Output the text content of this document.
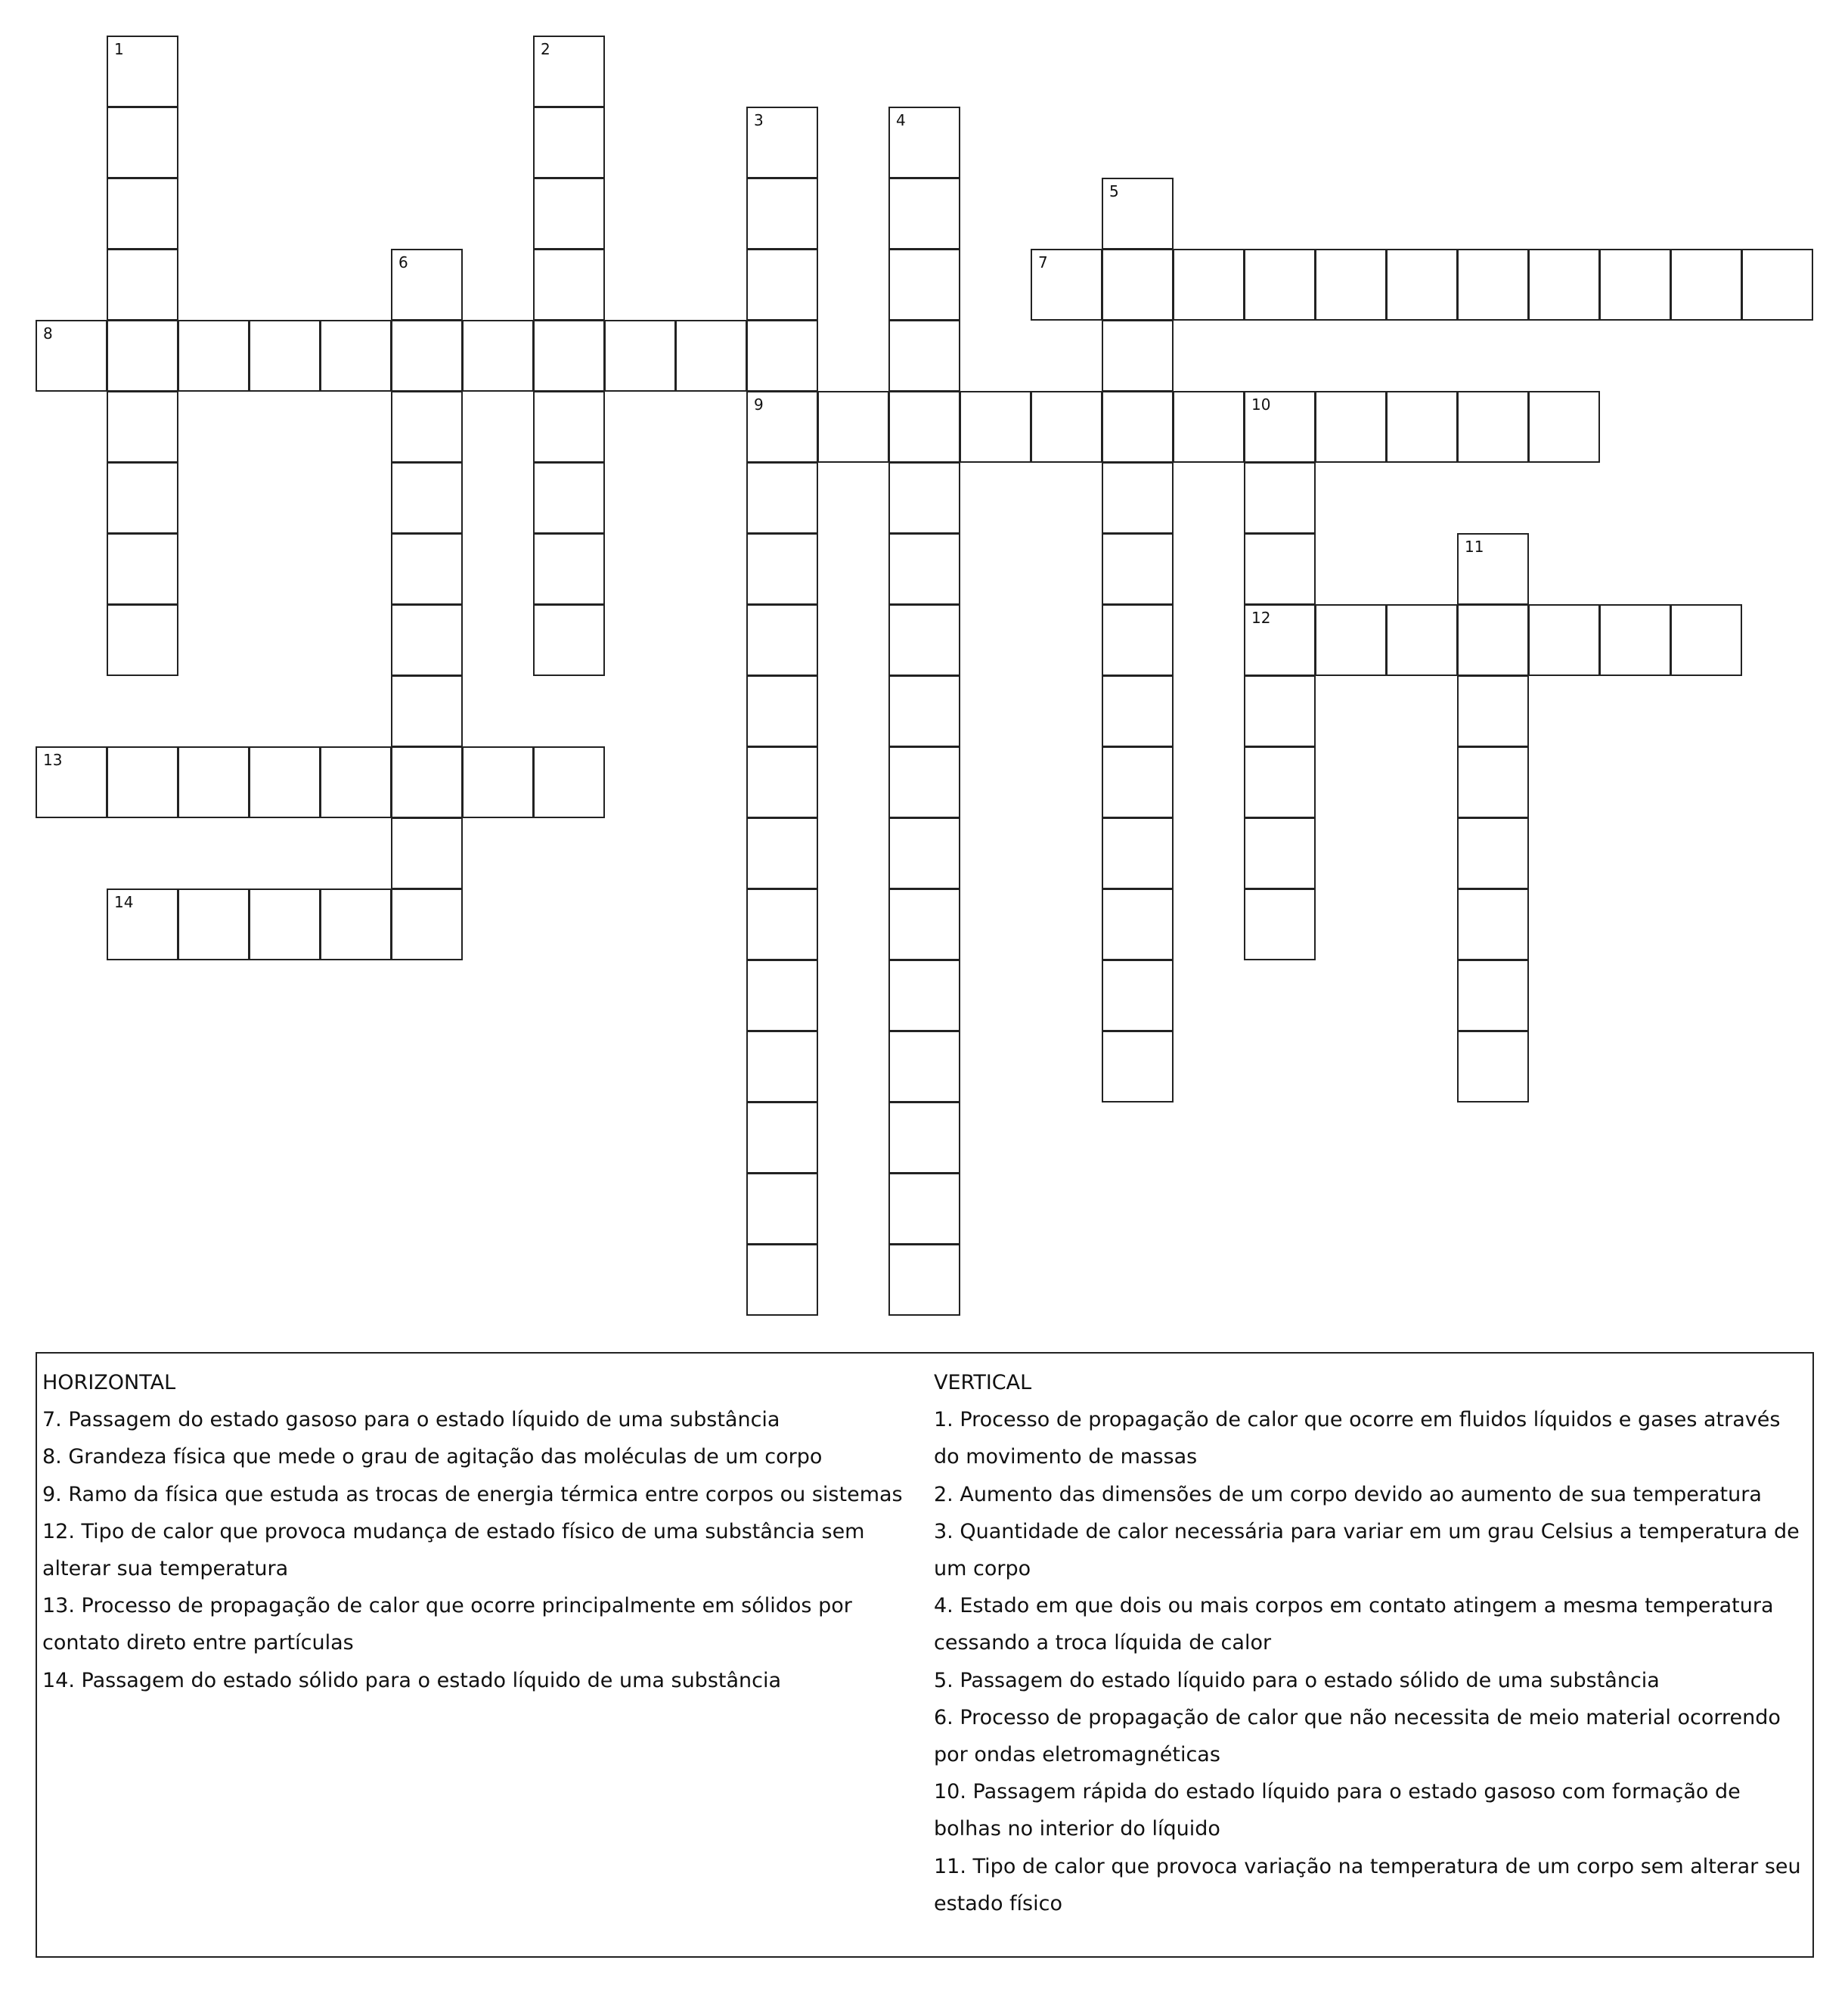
1	2
3
9
4
5
6	7
8
10
12
11
13
14
HORIZONTAL
7. Passagem do estado gasoso para o estado líquido de uma substância
8. Grandeza física que mede o grau de agitação das moléculas de um corpo
9. Ramo da física que estuda as trocas de energia térmica entre corpos ou sistemas
12. Tipo de calor que provoca mudança de estado físico de uma substância sem alterar sua temperatura
13. Processo de propagação de calor que ocorre principalmente em sólidos por contato direto entre partículas
14. Passagem do estado sólido para o estado líquido de uma substância
VERTICAL
1. Processo de propagação de calor que ocorre em fluidos líquidos e gases através do movimento de massas
2. Aumento das dimensões de um corpo devido ao aumento de sua temperatura
3. Quantidade de calor necessária para variar em um grau Celsius a temperatura de um corpo
4. Estado em que dois ou mais corpos em contato atingem a mesma temperatura cessando a troca líquida de calor
5. Passagem do estado líquido para o estado sólido de uma substância
6. Processo de propagação de calor que não necessita de meio material ocorrendo por ondas eletromagnéticas
10. Passagem rápida do estado líquido para o estado gasoso com formação de bolhas no interior do líquido
11. Tipo de calor que provoca variação na temperatura de um corpo sem alterar seu estado físico
